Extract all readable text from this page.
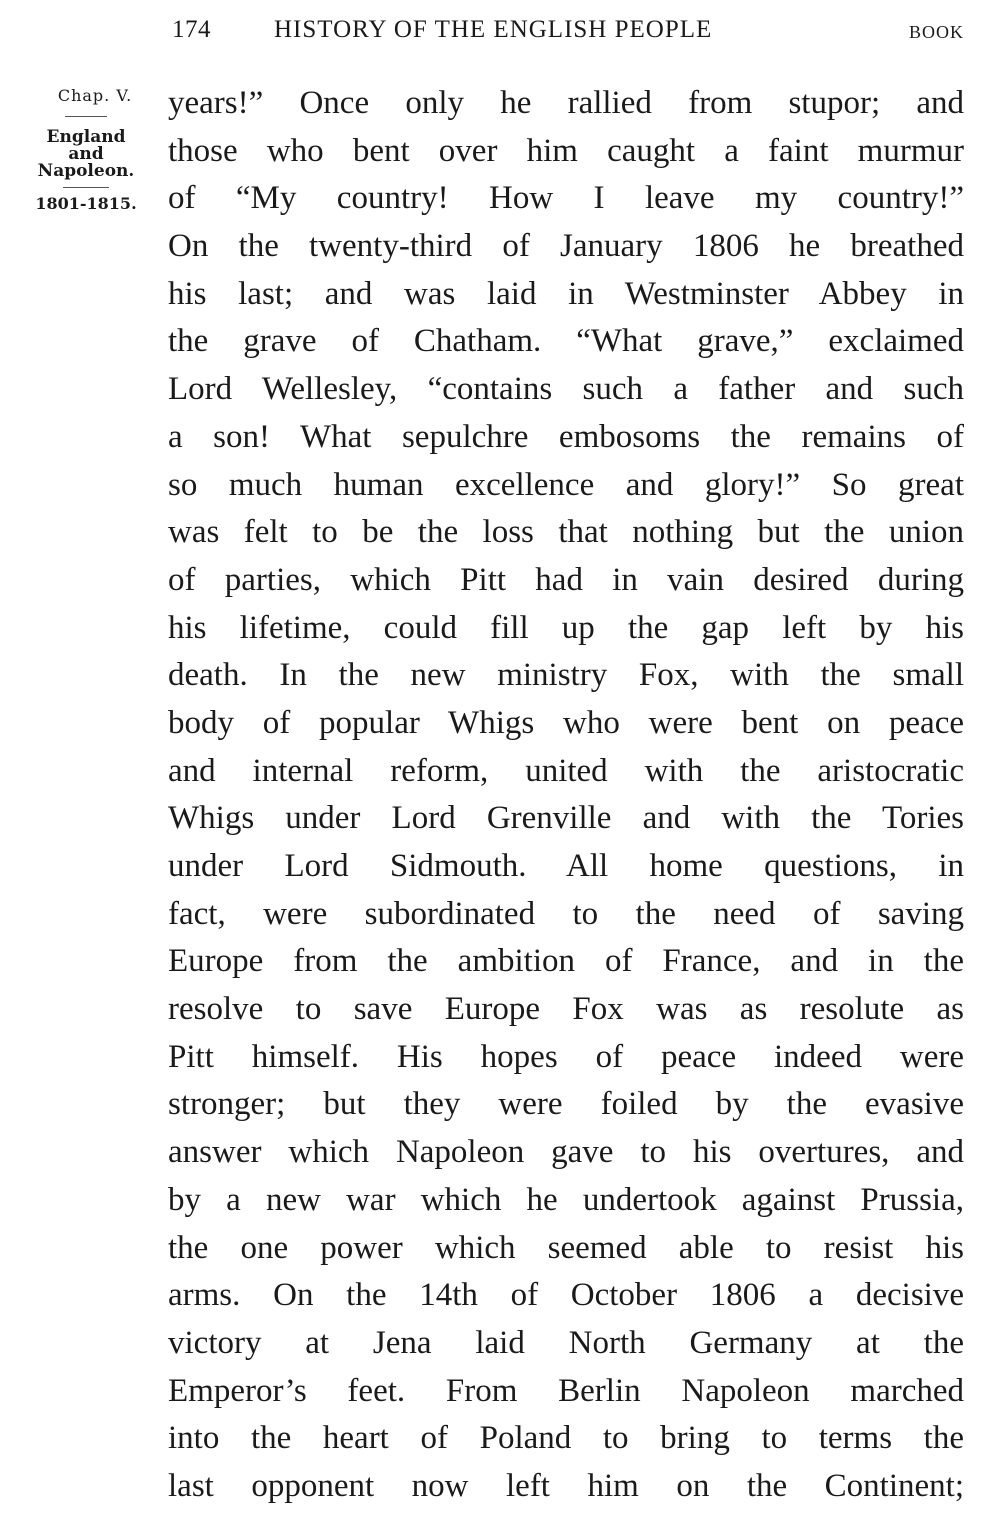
174	HISTORY OF THE ENGLISH PEOPLE	BOOK
Chap. V.
England
and
Napoleon.
1801-1815.
years!” Once only he rallied from stupor; and
those who bent over him caught a faint murmur
of “My country! How I leave my country!”
On the twenty-third of January 1806 he breathed
his last; and was laid in Westminster Abbey in
the grave of Chatham. “What grave,” exclaimed
Lord Wellesley, “contains such a father and such
a son! What sepulchre embosoms the remains of
so much human excellence and glory!” So great
was felt to be the loss that nothing but the union
of parties, which Pitt had in vain desired during
his lifetime, could fill up the gap left by his
death. In the new ministry Fox, with the small
body of popular Whigs who were bent on peace
and internal reform, united with the aristocratic
Whigs under Lord Grenville and with the Tories
under Lord Sidmouth. All home questions, in
fact, were subordinated to the need of saving
Europe from the ambition of France, and in the
resolve to save Europe Fox was as resolute as
Pitt himself. His hopes of peace indeed were
stronger; but they were foiled by the evasive
answer which Napoleon gave to his overtures, and
by a new war which he undertook against Prussia,
the one power which seemed able to resist his
arms. On the 14th of October 1806 a decisive
victory at Jena laid North Germany at the
Emperor’s feet. From Berlin Napoleon marched
into the heart of Poland to bring to terms the
last opponent now left him on the Continent;
